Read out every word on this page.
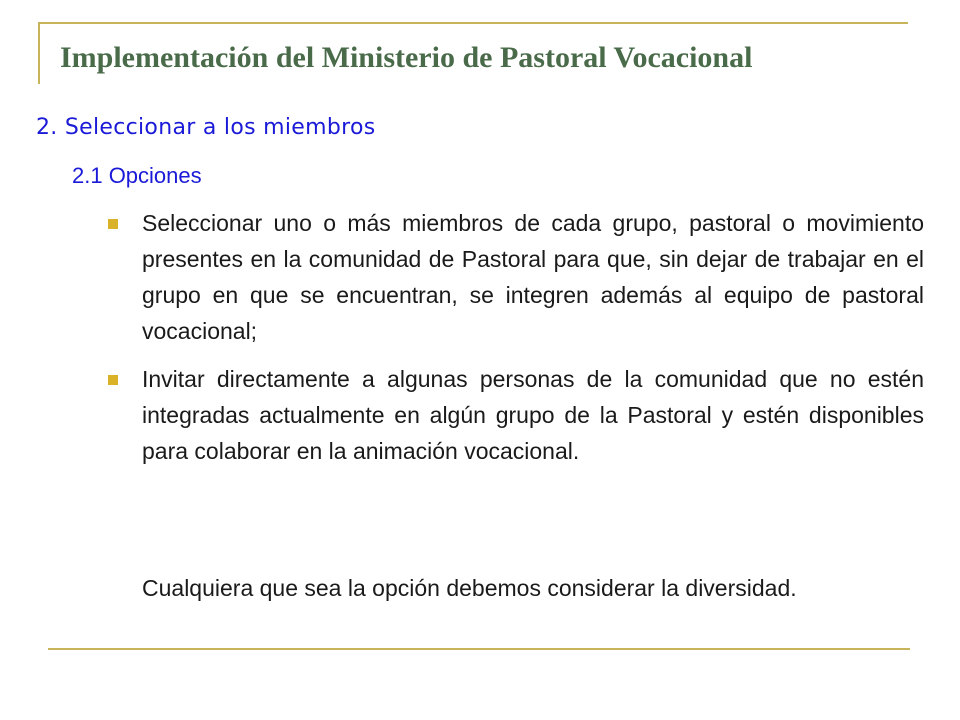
Implementación del Ministerio de Pastoral Vocacional
2. Seleccionar a los miembros
2.1 Opciones
Seleccionar uno o más miembros de cada grupo, pastoral o movimiento presentes en la comunidad de Pastoral para que, sin dejar de trabajar en el grupo en que se encuentran, se integren además al equipo de pastoral vocacional;
Invitar directamente a algunas personas de la comunidad que no estén integradas actualmente en algún grupo de la Pastoral y estén disponibles para colaborar en la animación vocacional.

Cualquiera que sea la opción debemos considerar la diversidad.
